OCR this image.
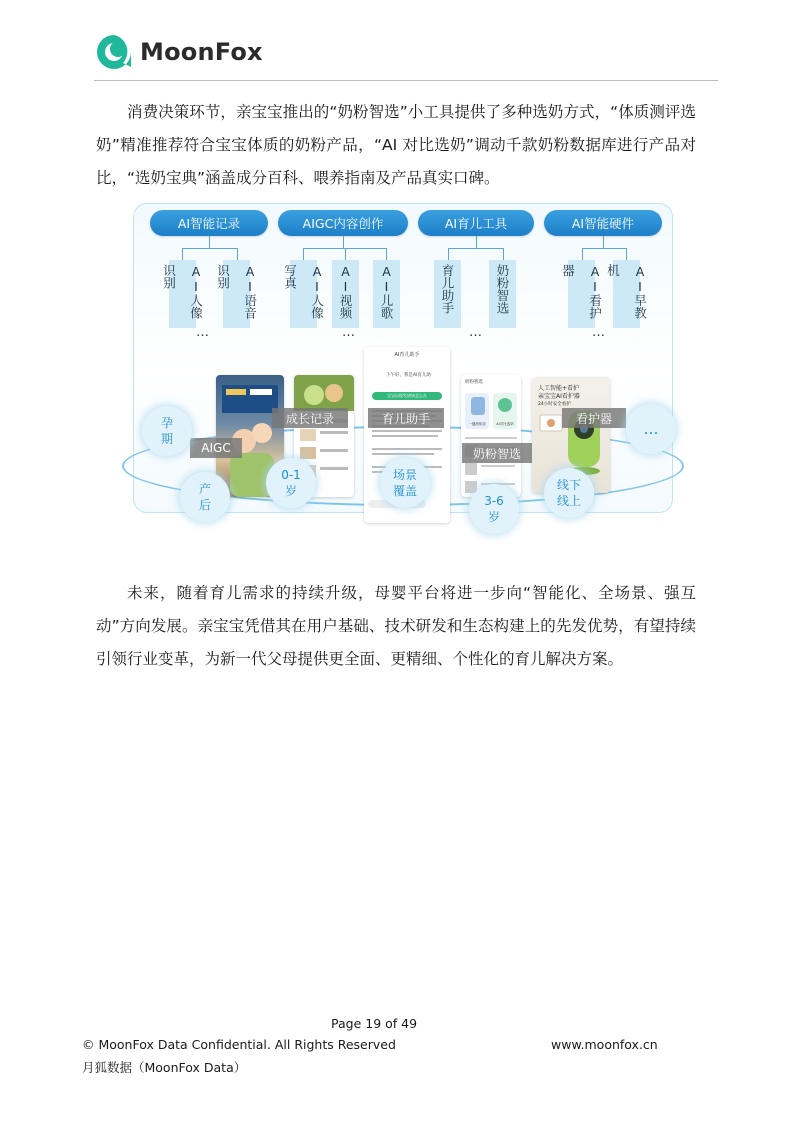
MoonFox

消费决策环节，亲宝宝推出的“奶粉智选”小工具提供了多种选奶方式，“体质测评选奶”精准推荐符合宝宝体质的奶粉产品，“AI 对比选奶”调动千款奶粉数据库进行产品对比，“选奶宝典”涵盖成分百科、喂养指南及产品真实口碑。

AI智能记录	AIGC内容创作	AI育儿工具	AI智能硬件
AI人像识别	AI语音识别	AI人像写真	AI视频	AI儿歌	育儿助手	奶粉智选	AI看护器	AI早教机
…	…	…	…
AI育儿助手
下午好，我是AI育儿助
宝宝出现发烧该怎么办
奶粉智选
一键测体质	AI对比选奶
人工智能+看护
亲宝宝AI看护器
24小时安全看护
AIGC
成长记录	育儿助手
奶粉智选
看护器
孕期
产后
0-1岁
场景覆盖
3-6岁
线下线上
…

未来，随着育儿需求的持续升级，母婴平台将进一步向“智能化、全场景、强互动”方向发展。亲宝宝凭借其在用户基础、技术研发和生态构建上的先发优势，有望持续引领行业变革，为新一代父母提供更全面、更精细、个性化的育儿解决方案。

Page 19 of 49
© MoonFox Data Confidential. All Rights Reserved	www.moonfox.cn
月狐数据（MoonFox Data）
